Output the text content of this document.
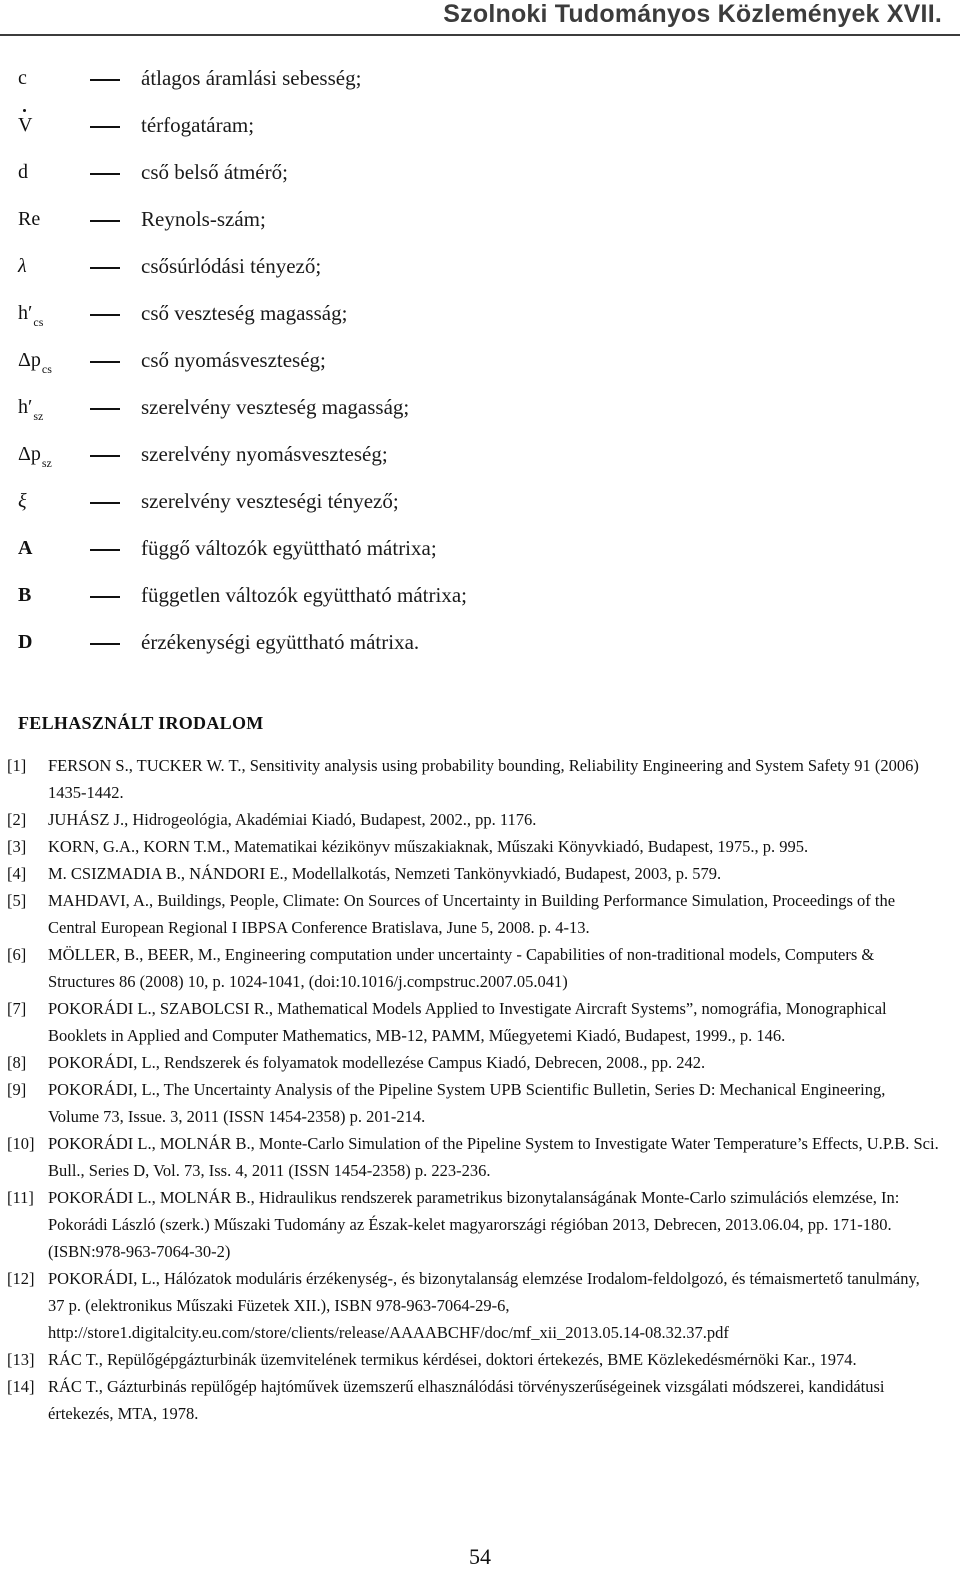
Szolnoki Tudományos Közlemények XVII.
c	átlagos áramlási sebesség;
V	térfogatáram;
d	cső belső átmérő;
Re	Reynols-szám;
λ	csősúrlódási tényező;
$h'_{cs}$	cső veszteség magasság;
$\Delta p_{cs}$	cső nyomásveszteség;
$h'_{sz}$	szerelvény veszteség magasság;
$\Delta p_{sz}$	szerelvény nyomásveszteség;
ξ	szerelvény veszteségi tényező;
A	függő változók együttható mátrixa;
B	független változók együttható mátrixa;
D	érzékenységi együttható mátrixa.
FELHASZNÁLT IRODALOM
[1] FERSON S., TUCKER W. T., Sensitivity analysis using probability bounding, Reliability Engineering and System Safety 91 (2006) 1435-1442.
[2] JUHÁSZ J., Hidrogeológia, Akadémiai Kiadó, Budapest, 2002., pp. 1176.
[3] KORN, G.A., KORN T.M., Matematikai kézikönyv műszakiaknak, Műszaki Könyvkiadó, Budapest, 1975., p. 995.
[4] M. CSIZMADIA B., NÁNDORI E., Modellalkotás, Nemzeti Tankönyvkiadó, Budapest, 2003, p. 579.
[5] MAHDAVI, A., Buildings, People, Climate: On Sources of Uncertainty in Building Performance Simulation, Proceedings of the Central European Regional I IBPSA Conference Bratislava, June 5, 2008. p. 4-13.
[6] MÖLLER, B., BEER, M., Engineering computation under uncertainty - Capabilities of non-traditional models, Computers & Structures 86 (2008) 10, p. 1024-1041, (doi:10.1016/j.compstruc.2007.05.041)
[7] POKORÁDI L., SZABOLCSI R., Mathematical Models Applied to Investigate Aircraft Systems”, nomográfia, Monographical Booklets in Applied and Computer Mathematics, MB-12, PAMM, Műegyetemi Kiadó, Budapest, 1999., p. 146.
[8] POKORÁDI, L., Rendszerek és folyamatok modellezése Campus Kiadó, Debrecen, 2008., pp. 242.
[9] POKORÁDI, L., The Uncertainty Analysis of the Pipeline System UPB Scientific Bulletin, Series D: Mechanical Engineering, Volume 73, Issue. 3, 2011 (ISSN 1454-2358) p. 201-214.
[10] POKORÁDI L., MOLNÁR B., Monte-Carlo Simulation of the Pipeline System to Investigate Water Temperature’s Effects, U.P.B. Sci. Bull., Series D, Vol. 73, Iss. 4, 2011 (ISSN 1454-2358) p. 223-236.
[11] POKORÁDI L., MOLNÁR B., Hidraulikus rendszerek parametrikus bizonytalanságának Monte-Carlo szimulációs elemzése, In: Pokorádi László (szerk.) Műszaki Tudomány az Észak-kelet magyarországi régióban 2013, Debrecen, 2013.06.04, pp. 171-180. (ISBN:978-963-7064-30-2)
[12] POKORÁDI, L., Hálózatok moduláris érzékenység-, és bizonytalanság elemzése Irodalom-feldolgozó, és témaismertető tanulmány, 37 p. (elektronikus Műszaki Füzetek XII.), ISBN 978-963-7064-29-6, http://store1.digitalcity.eu.com/store/clients/release/AAAABCHF/doc/mf_xii_2013.05.14-08.32.37.pdf
[13] RÁC T., Repülőgépgázturbinák üzemvitelének termikus kérdései, doktori értekezés, BME Közlekedésmérnöki Kar., 1974.
[14] RÁC T., Gázturbinás repülőgép hajtóművek üzemszerű elhasználódási törvényszerűségeinek vizsgálati módszerei, kandidátusi értekezés, MTA, 1978.
54
